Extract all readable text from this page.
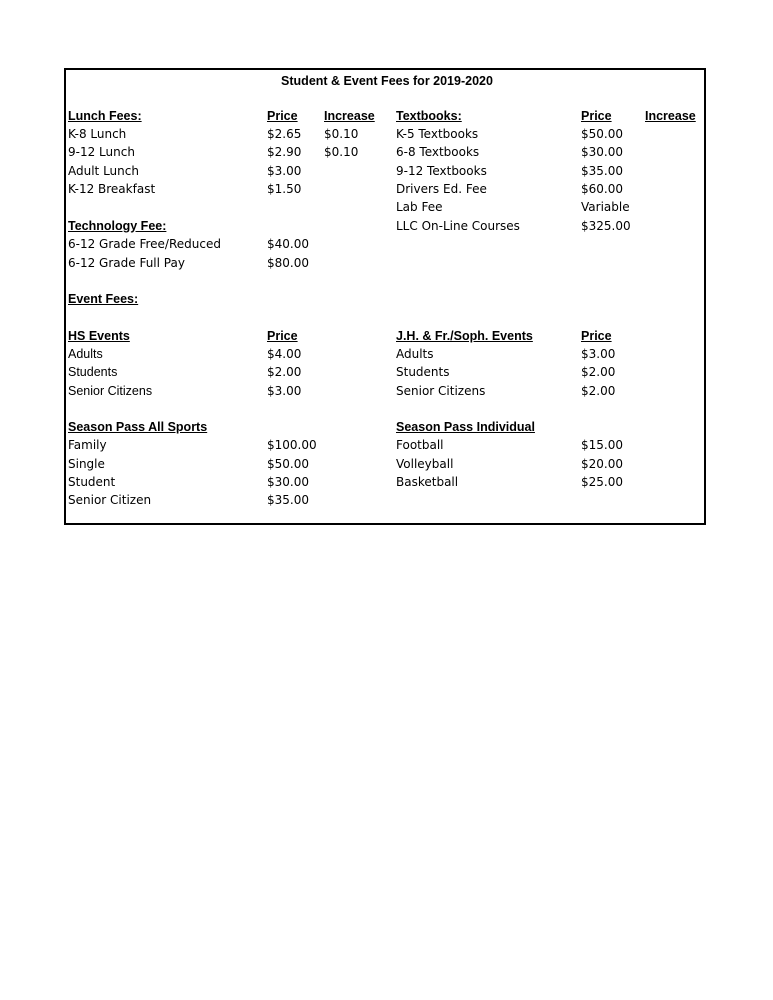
Student & Event Fees for 2019-2020
Lunch Fees:	Price Increase
K-8 Lunch	$2.65 $0.10
9-12 Lunch	$2.90 $0.10
Adult Lunch	$3.00
K-12 Breakfast	$1.50
Technology Fee:
6-12 Grade Free/Reduced	$40.00
6-12 Grade Full Pay	$80.00
Textbooks:	Price	Increase
K-5 Textbooks	$50.00
6-8 Textbooks	$30.00
9-12 Textbooks	$35.00
Drivers Ed. Fee	$60.00
Lab Fee	Variable
LLC On-Line Courses	$325.00
Event Fees:
HS Events	Price
Adults	$4.00
Students	$2.00
Senior Citizens	$3.00
J.H. & Fr./Soph. Events	Price
Adults	$3.00
Students	$2.00
Senior Citizens	$2.00
Season Pass All Sports
Family	$100.00
Single	$50.00
Student	$30.00
Senior Citizen	$35.00
Season Pass Individual
Football	$15.00
Volleyball	$20.00
Basketball	$25.00
